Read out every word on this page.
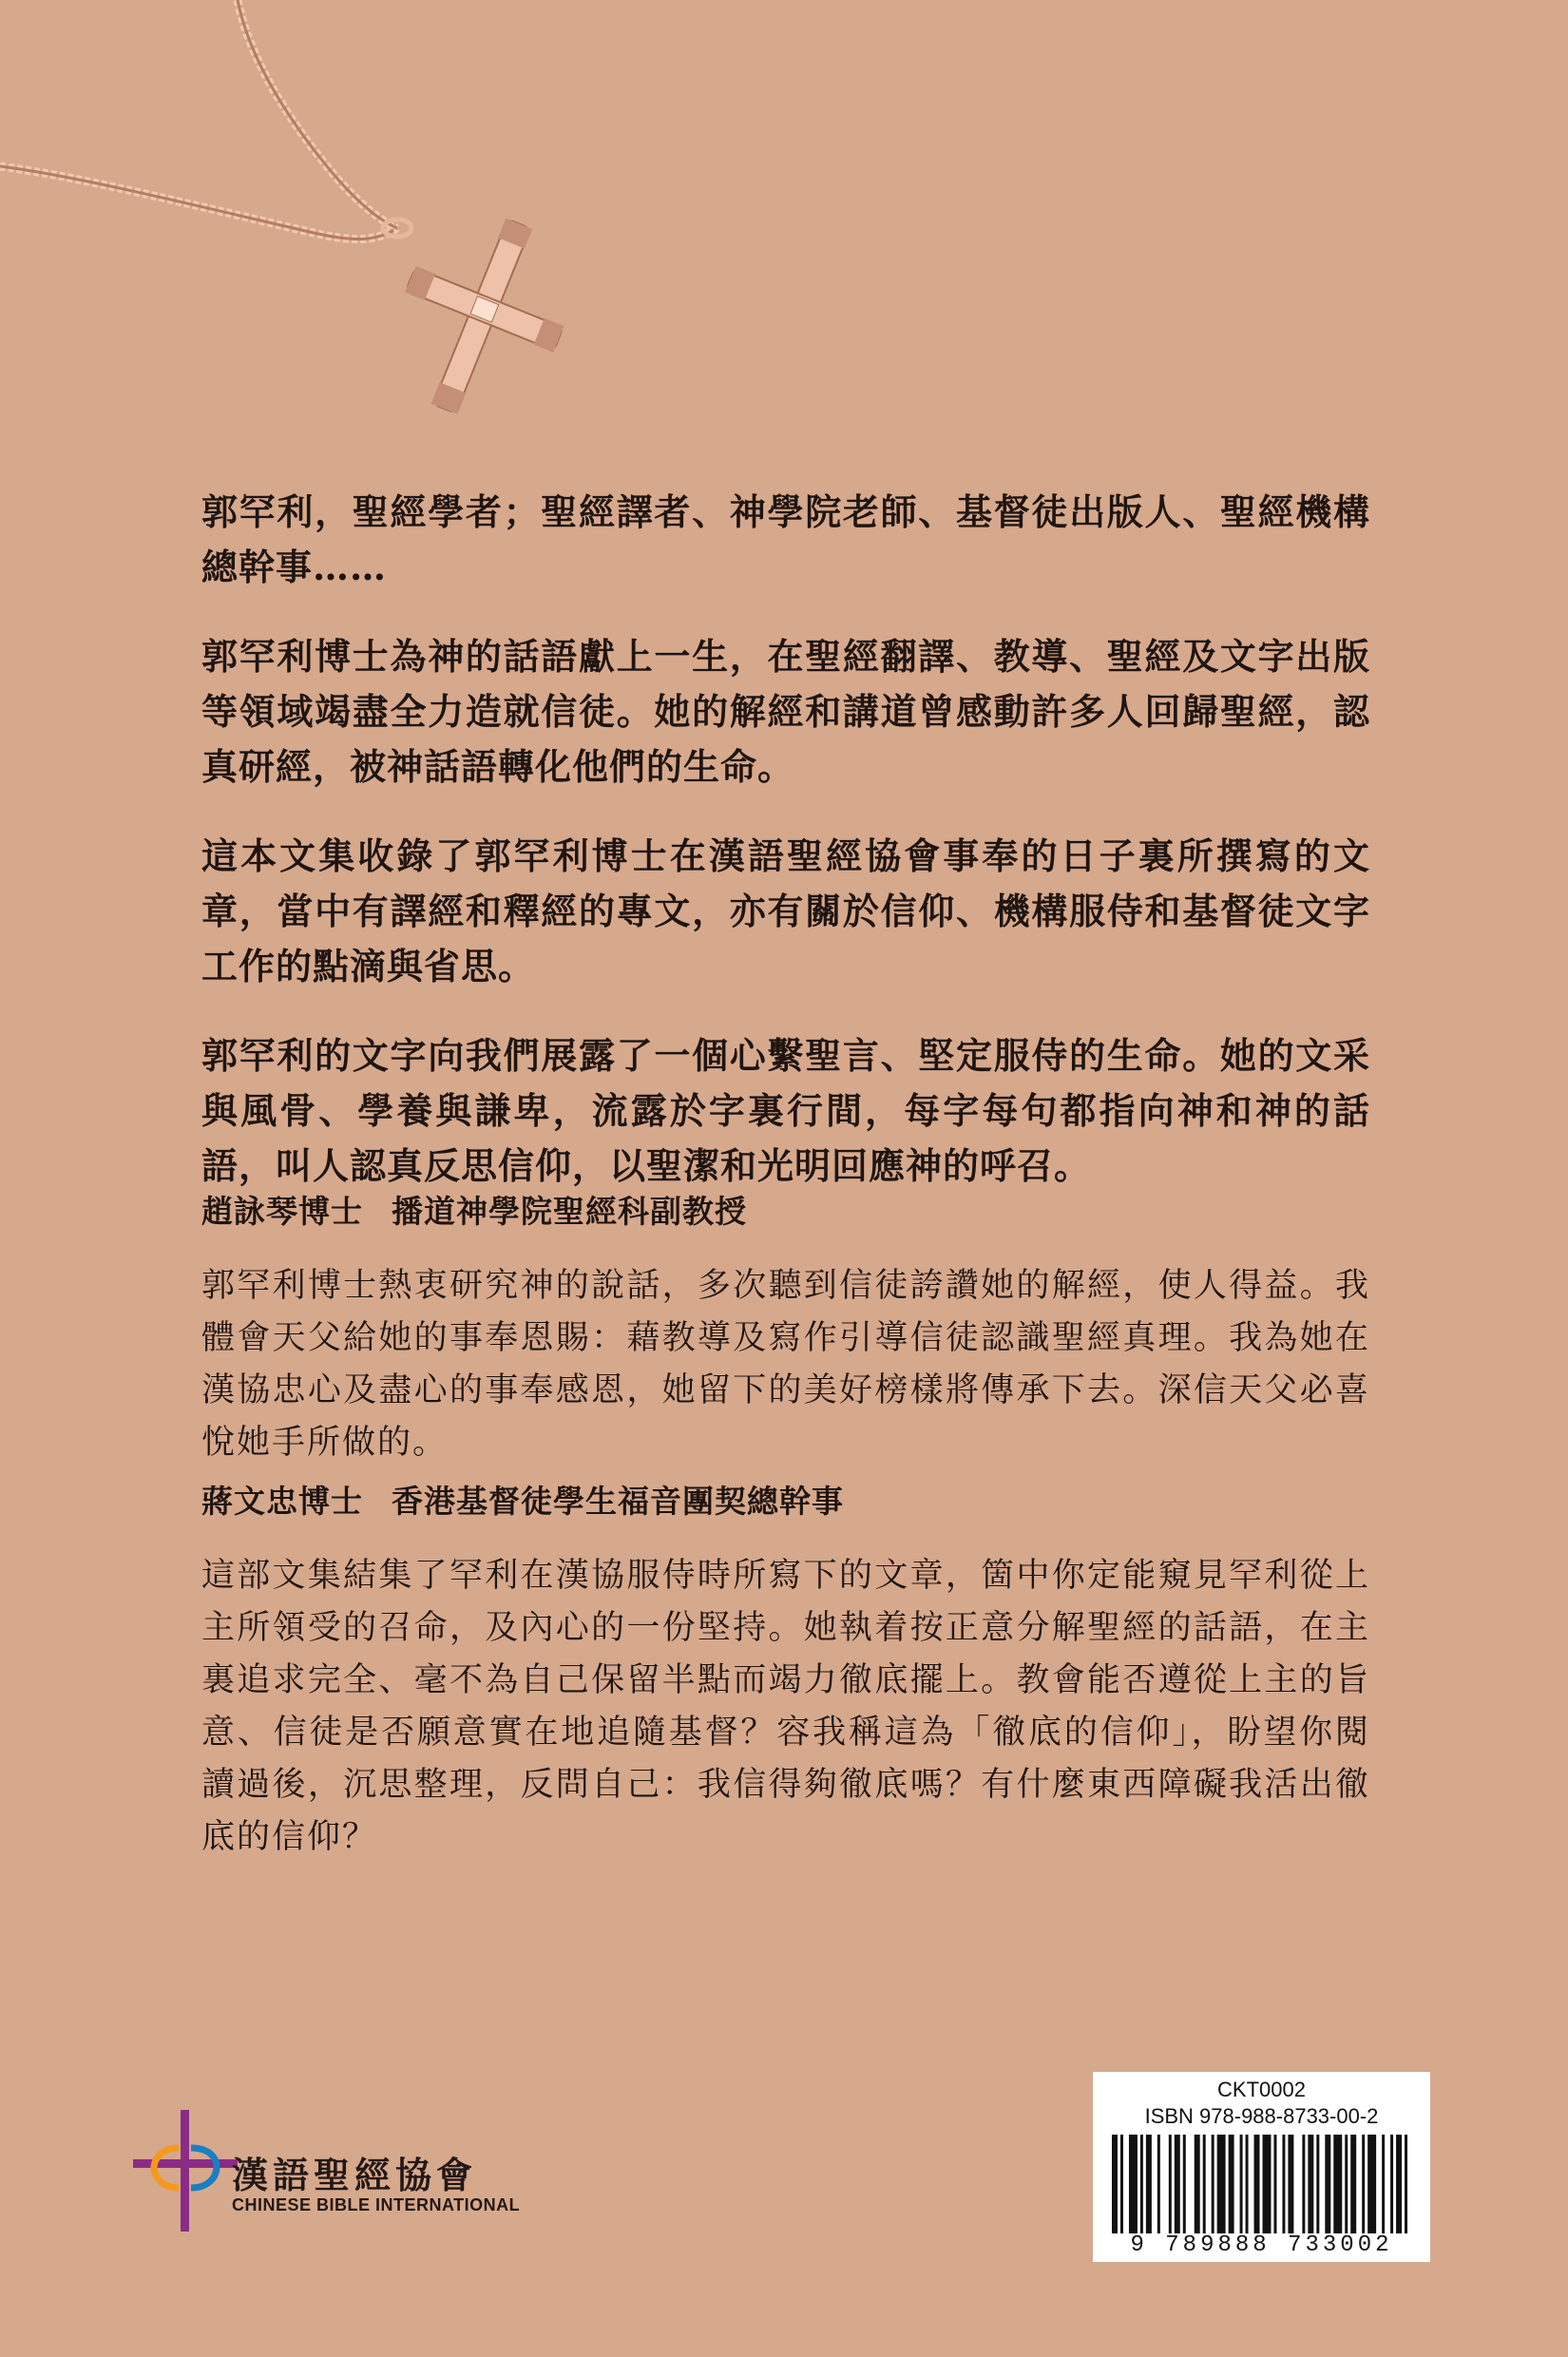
郭罕利，聖經學者；聖經譯者、神學院老師、基督徒出版人、聖經機構總幹事……

郭罕利博士為神的話語獻上一生，在聖經翻譯、教導、聖經及文字出版等領域竭盡全力造就信徒。她的解經和講道曾感動許多人回歸聖經，認真研經，被神話語轉化他們的生命。

這本文集收錄了郭罕利博士在漢語聖經協會事奉的日子裏所撰寫的文章，當中有譯經和釋經的專文，亦有關於信仰、機構服侍和基督徒文字工作的點滴與省思。

郭罕利的文字向我們展露了一個心繫聖言、堅定服侍的生命。她的文采與風骨、學養與謙卑，流露於字裏行間，每字每句都指向神和神的話語，叫人認真反思信仰，以聖潔和光明回應神的呼召。

趙詠琴博士 播道神學院聖經科副教授

郭罕利博士熱衷研究神的說話，多次聽到信徒誇讚她的解經，使人得益。我體會天父給她的事奉恩賜：藉教導及寫作引導信徒認識聖經真理。我為她在漢協忠心及盡心的事奉感恩，她留下的美好榜樣將傳承下去。深信天父必喜悅她手所做的。

蔣文忠博士 香港基督徒學生福音團契總幹事

這部文集結集了罕利在漢協服侍時所寫下的文章，箇中你定能窺見罕利從上主所領受的召命，及內心的一份堅持。她執着按正意分解聖經的話語，在主裏追求完全、毫不為自己保留半點而竭力徹底擺上。教會能否遵從上主的旨意、信徒是否願意實在地追隨基督？容我稱這為「徹底的信仰」，盼望你閱讀過後，沉思整理，反問自己：我信得夠徹底嗎？有什麼東西障礙我活出徹底的信仰？

漢語聖經協會
CHINESE BIBLE INTERNATIONAL
CKT0002
ISBN 978-988-8733-00-2
9 789888 733002
